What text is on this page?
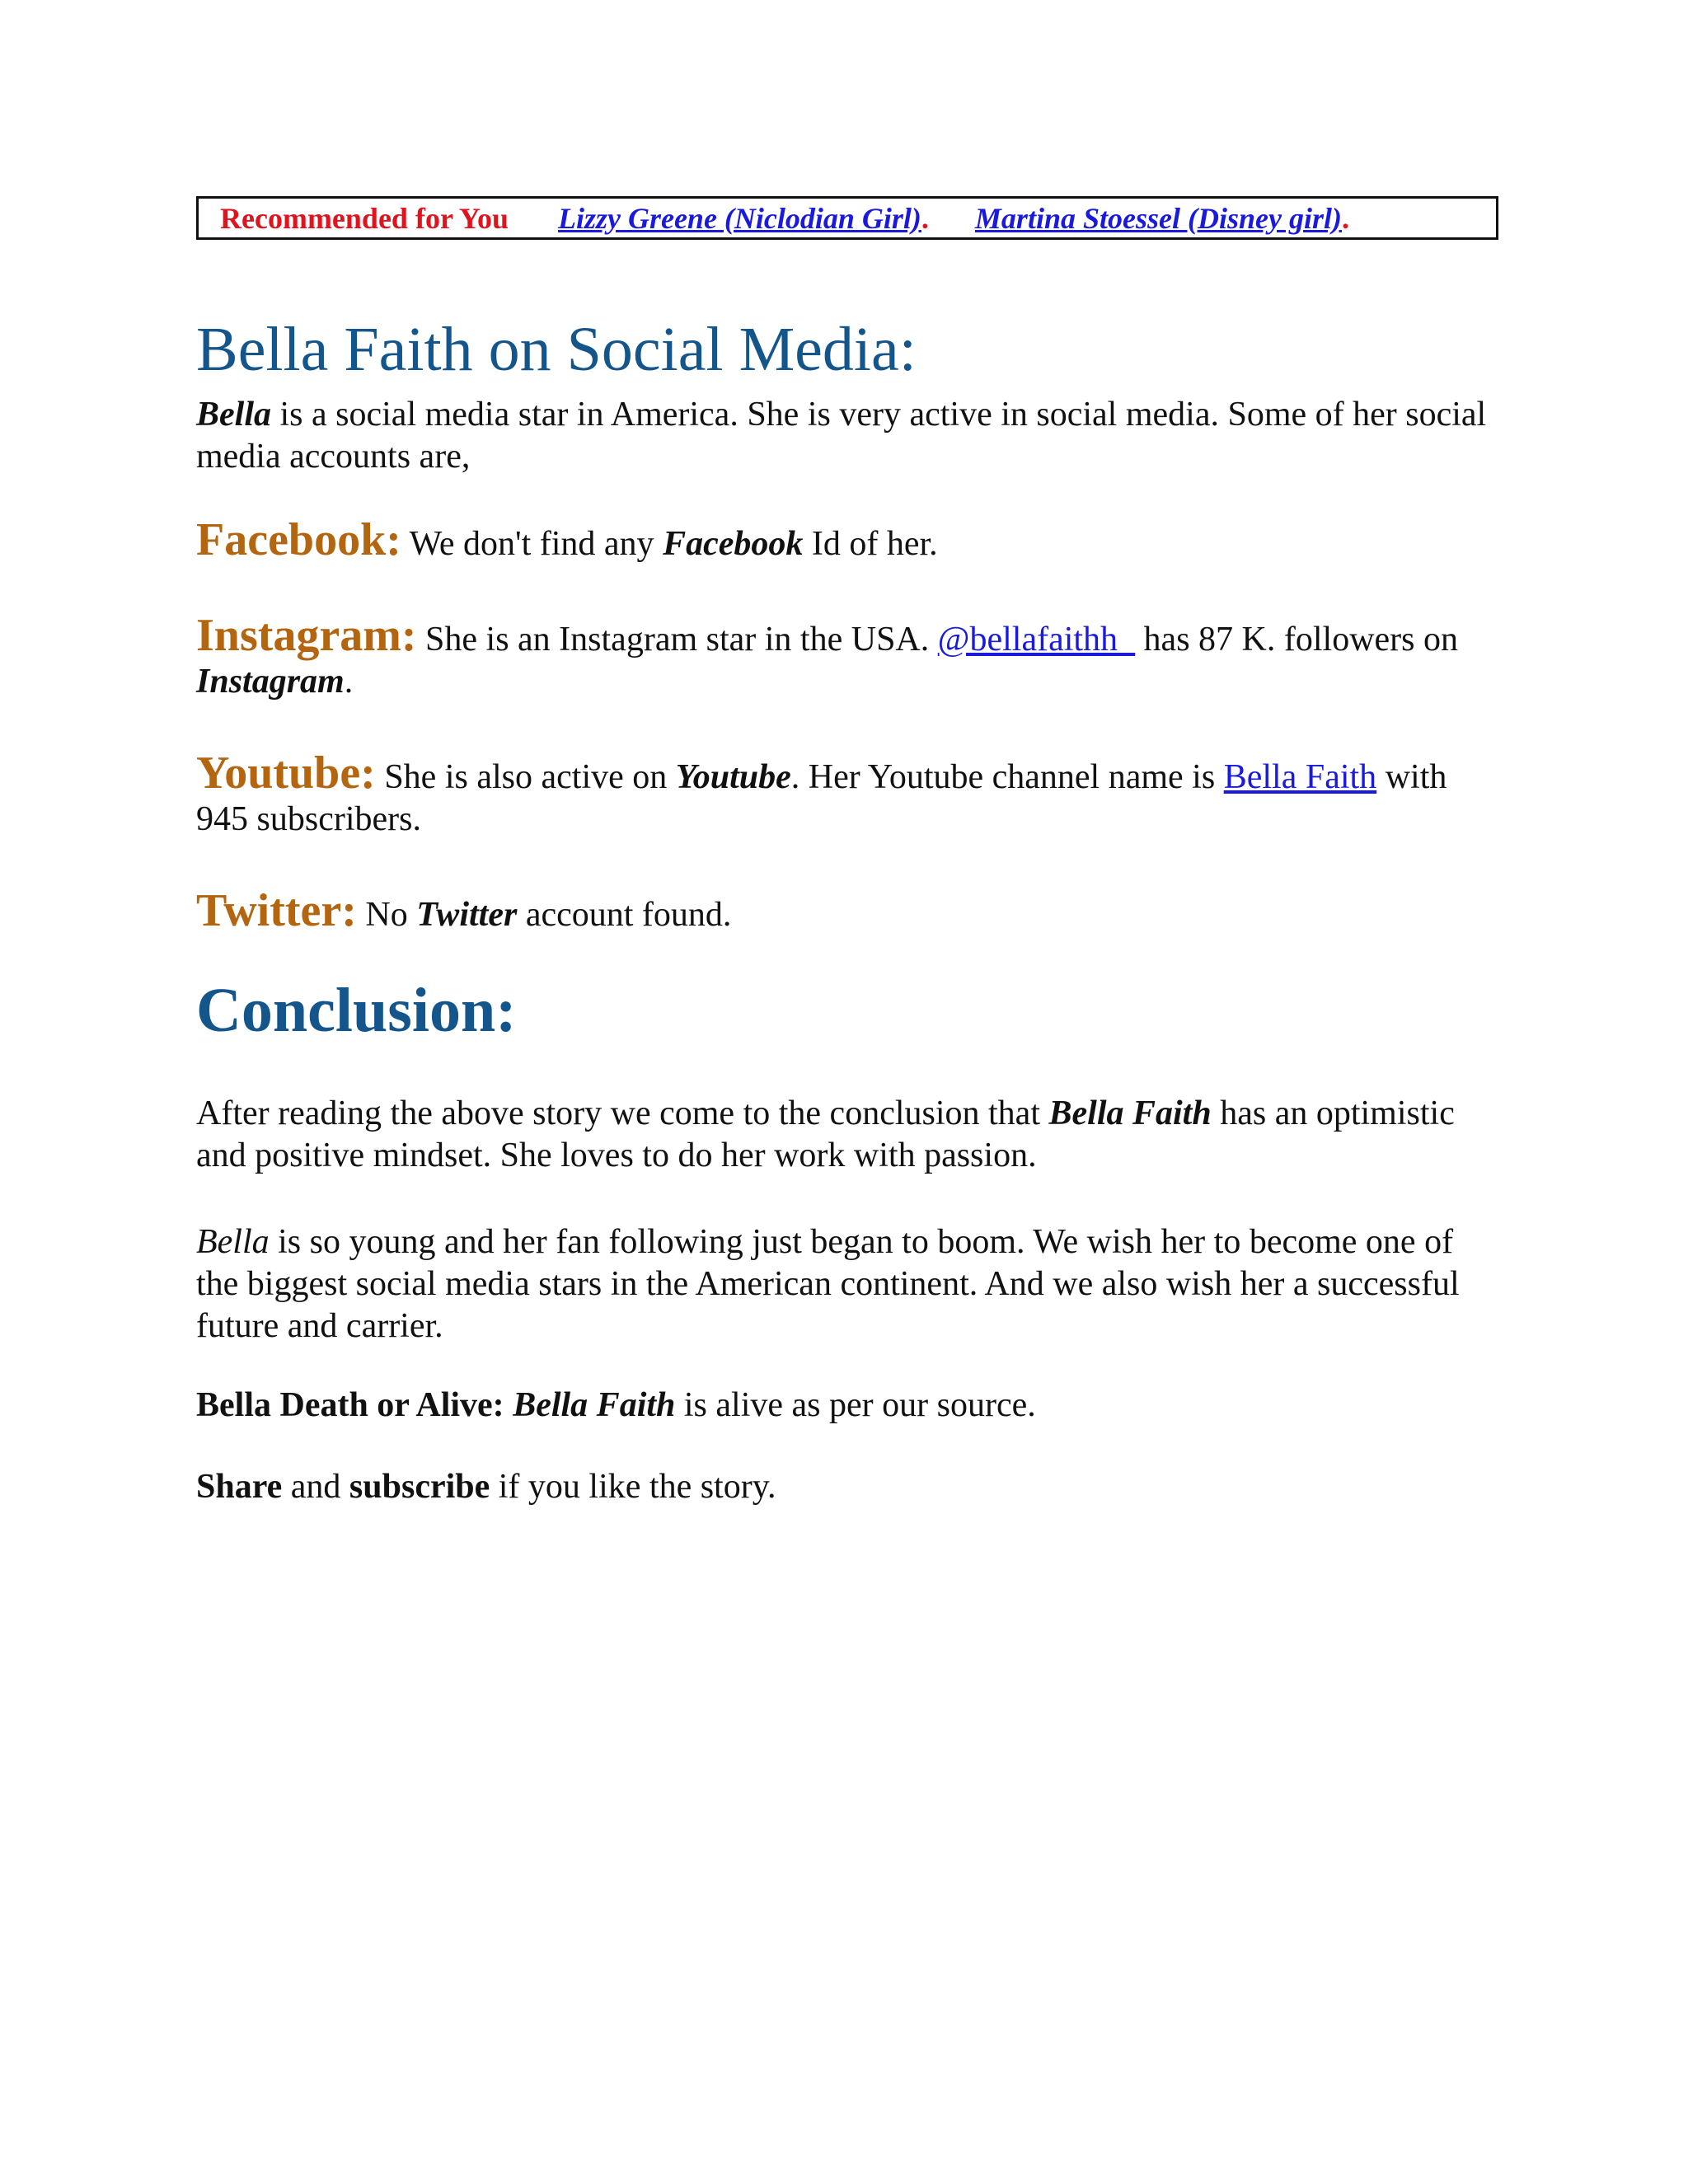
Recommended for You Lizzy Greene (Niclodian Girl). Martina Stoessel (Disney girl).
Bella Faith on Social Media:

Bella is a social media star in America. She is very active in social media. Some of her social media accounts are,

Facebook: We don't find any Facebook Id of her.

Instagram: She is an Instagram star in the USA. @bellafaithh_ has 87 K. followers on Instagram.

Youtube: She is also active on Youtube. Her Youtube channel name is Bella Faith with 945 subscribers.

Twitter: No Twitter account found.

Conclusion:

After reading the above story we come to the conclusion that Bella Faith has an optimistic and positive mindset. She loves to do her work with passion.

Bella is so young and her fan following just began to boom. We wish her to become one of the biggest social media stars in the American continent. And we also wish her a successful future and carrier.

Bella Death or Alive: Bella Faith is alive as per our source.

Share and subscribe if you like the story.
